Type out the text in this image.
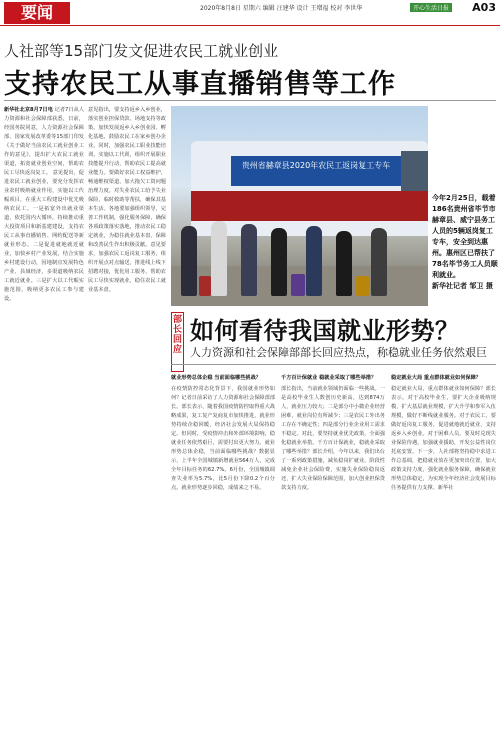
要闻	2020年8月8日 星期六 编辑 汪建华 设计 王增福 校对 李世华	开心生活日报 A03
人社部等15部门发文促进农民工就业创业
支持农民工从事直播销售等工作
新华社北京8月7日电 记者7日从人力资源和社会保障部获悉，日前，经国务院同意，人力资源社会保障部、国家发展改革委等15部门印发《关于做好当前农民工就业创业工作的意见》，提出扩大农民工就业渠道，拓宽就业创业空间，帮助农民工尽快返岗复工。 意见提出，促进农民工就业创业，要充分发挥农业农村吸纳就业作用，实施以工代赈项目，在重大工程建设中优先吸纳农民工。一是拓宽外出就业渠道，依托国内大循环，持续推动重大投资项目和新基建建设，支持农民工从事直播销售、网约配送等新就业形态。二是促进就地就近就业，加快乡村产业发展，结合实施乡村建设行动，因地制宜发展特色产业、县域经济，多渠道吸纳农民工就近就业。三是扩大以工代赈实施范围，吸纳更多农民工参与建设。
意见指出，要支持返乡入乡创业，落实创业担保贷款、场地支持等政策。加快发展返乡入乡创业园、孵化基地，鼓励农民工在家乡创办企业。同时，加强农民工职业技能培训，实施以工代训，组织开展职业技能提升行动，帮助农民工提高就业能力。要做好农民工权益维护，畅通维权渠道，加大拖欠工资问题治理力度。对失业农民工给予失业保险、临时救助等帮扶，确保其基本生活。各地要加强组织领导，完善工作机制，强化服务保障，确保各项政策落实落地，推动农民工稳定就业，为稳住就业基本盘、保障和改善民生作出积极贡献。意见要求，加强农民工返岗复工服务，组织开展点对点输送，推进线上线下招聘对接，优化用工服务，帮助农民工尽快实现就业，稳住农民工就业基本盘。
贵州省赫章县2020年农民工返岗复工专车
今年2月25日，载着186名贵州省毕节市赫章县、威宁县务工人员的5辆返岗复工专车，安全到达惠州。惠州区已帮扶了78名毕节务工人员顺利就业。
新华社记者 邹卫 摄
部长回应
如何看待我国就业形势？
人力资源和社会保障部部长回应热点，称稳就业任务依然艰巨
就业形势总体企稳 当前面临哪些挑战？
在疫情防控常态化背景下，我国就业形势如何？记者日前采访了人力资源和社会保障部部长。部长表示，随着我国疫情防控取得重大战略成果，复工复产复商复市加快推进，就业形势持续企稳回暖，经济社会发展大局保持稳定。但同时，受疫情冲击和外部环境影响，稳就业任务依然艰巨，需要付出更大努力。就业形势总体企稳，当前面临哪些挑战？数据显示，上半年全国城镇新增就业564万人，完成全年目标任务的62.7%。6月份，全国城镇调查失业率为5.7%，比5月份下降0.2个百分点。就业形势逐步回稳，成绩来之不易。
千方百计保就业 稳就业采取了哪些举措？
部长指出，当前就业领域仍面临一些挑战。一是高校毕业生人数创历史新高，达到874万人，就业压力较大；二是部分中小微企业经营困难，就业岗位有所减少；三是农民工外出务工存在不确定性；四是部分行业企业用工需求不稳定。对此，要坚持就业优先政策，全面强化稳就业举措。千方百计保就业，稳就业采取了哪些举措？部长介绍，今年以来，我们出台了一系列政策措施，减负稳岗扩就业。阶段性减免企业社会保险费，实施失业保险稳岗返还，扩大失业保险保障范围，加大创业担保贷款支持力度。
稳定就业大局 重点群体就业如何保障？
稳定就业大局，重点群体就业如何保障？部长表示，对于高校毕业生，要扩大企业吸纳规模，扩大基层就业规模，扩大升学和参军入伍规模，做好不断线就业服务。对于农民工，要做好返岗复工服务，促进就地就近就业，支持返乡入乡创业。对于困难人员，要及时兑现失业保险待遇，加强就业援助，开发公益性岗位托底安置。下一步，人社部将坚持稳中求进工作总基调，把稳就业放在更加突出位置，加大政策支持力度，强化就业服务保障，确保就业形势总体稳定，为实现全年经济社会发展目标任务提供有力支撑。新华社
